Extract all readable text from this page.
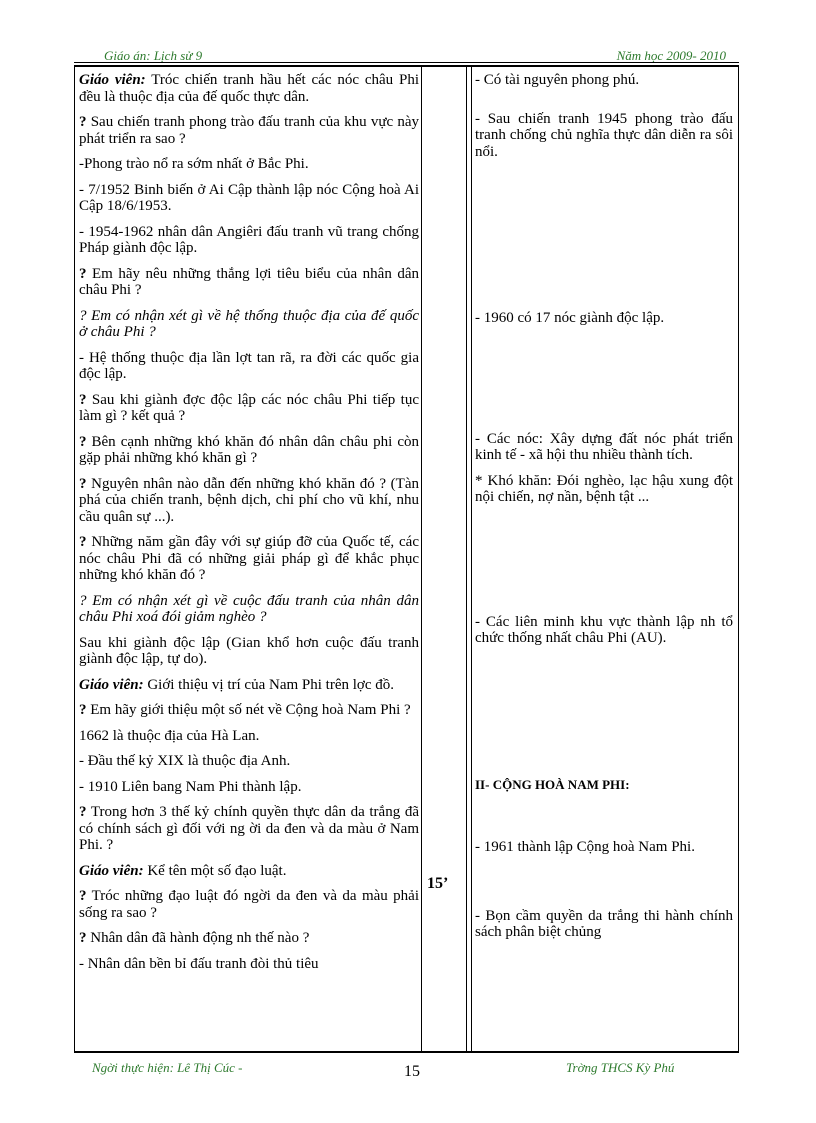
Giáo án: Lịch sử 9	Năm học 2009- 2010

Giáo viên: Tróc chiến tranh hầu hết các nóc châu Phi đều là thuộc địa của đế quốc thực dân.

? Sau chiến tranh phong trào đấu tranh của khu vực này phát triển ra sao ?

-Phong trào nổ ra sớm nhất ở Bắc Phi.

- 7/1952 Binh biến ở Ai Cập thành lập nóc Cộng hoà Ai Cập 18/6/1953.

- 1954-1962 nhân dân Angiêri đấu tranh vũ trang chống Pháp giành độc lập.

? Em hãy nêu những thắng lợi tiêu biểu của nhân dân châu Phi ?

? Em có nhận xét gì về hệ thống thuộc địa của đế quốc ở châu Phi ?

- Hệ thống thuộc địa lần lợt tan rã, ra đời các quốc gia độc lập.

? Sau khi giành đợc độc lập các nóc châu Phi tiếp tục làm gì ? kết quả ?

? Bên cạnh những khó khăn đó nhân dân châu phi còn gặp phải những khó khăn gì ?

? Nguyên nhân nào dẫn đến những khó khăn đó ? (Tàn phá của chiến tranh, bệnh dịch, chi phí cho vũ khí, nhu cầu quân sự ...).

? Những năm gần đây với sự giúp đỡ của Quốc tế, các nóc châu Phi đã có những giải pháp gì để khắc phục những khó khăn đó ?

? Em có nhận xét gì về cuộc đấu tranh của nhân dân châu Phi xoá đói giảm nghèo ?

Sau khi giành độc lập (Gian khổ hơn cuộc đấu tranh giành độc lập, tự do).

Giáo viên: Giới thiệu vị trí của Nam Phi trên lợc đồ.

? Em hãy giới thiệu một số nét về Cộng hoà Nam Phi ?

1662 là thuộc địa của Hà Lan.

- Đầu thế kỷ XIX là thuộc địa Anh.

- 1910 Liên bang Nam Phi thành lập.

? Trong hơn 3 thế kỷ chính quyền thực dân da trắng đã có chính sách gì đối với ng ời da đen và da màu ở Nam Phi. ?

Giáo viên: Kể tên một số đạo luật.

? Tróc những đạo luật đó ngời da đen và da màu phải sống ra sao ?

? Nhân dân đã hành động nh thế nào ?

- Nhân dân bền bỉ đấu tranh đòi thủ tiêu

15’

- Có tài nguyên phong phú.

- Sau chiến tranh 1945 phong trào đấu tranh chống chủ nghĩa thực dân diễn ra sôi nổi.

- 1960 có 17 nóc giành độc lập.

- Các nóc: Xây dựng đất nóc phát triển kinh tế - xã hội thu nhiều thành tích.

* Khó khăn: Đói nghèo, lạc hậu xung đột nội chiến, nợ nần, bệnh tật ...

- Các liên minh khu vực thành lập nh tổ chức thống nhất châu Phi (AU).

II- CỘNG HOÀ NAM PHI:

- 1961 thành lập Cộng hoà Nam Phi.

- Bọn cầm quyền da trắng thi hành chính sách phân biệt chủng

Ngời thực hiện: Lê Thị Cúc -	15	Trờng THCS Kỳ Phú
